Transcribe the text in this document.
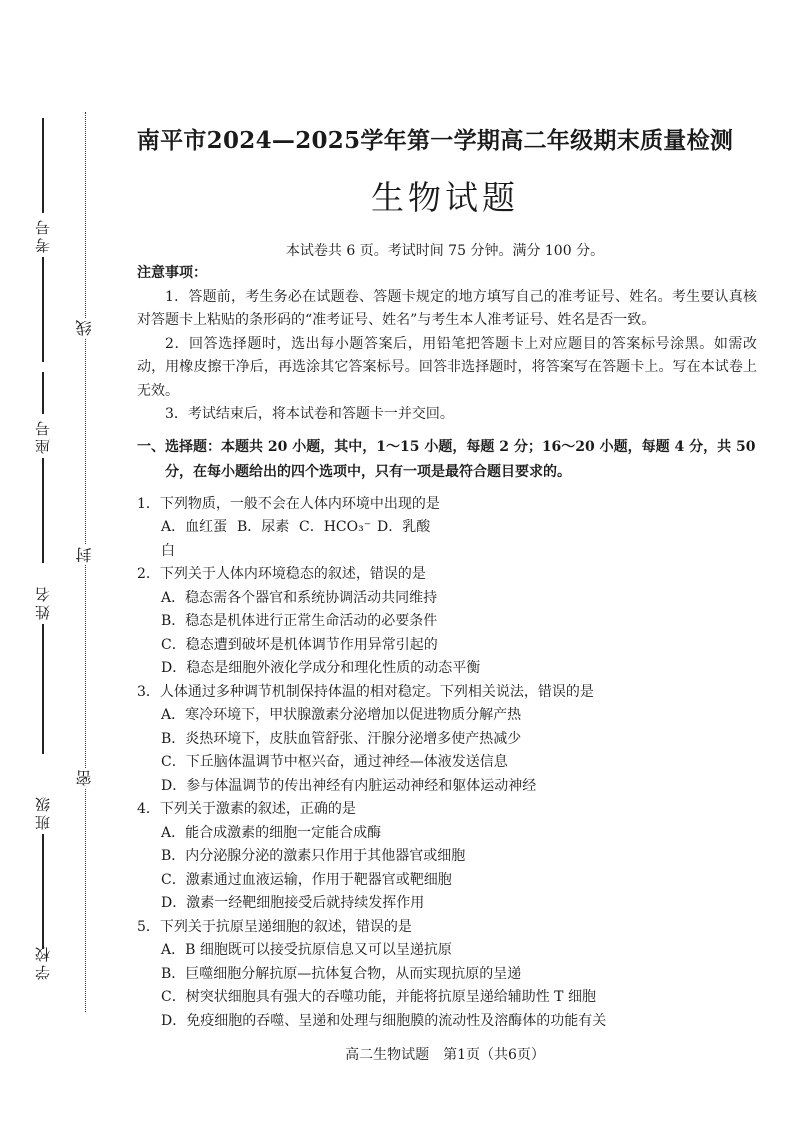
考号
座号
姓名
班级
学校
线
封
密
南平市2024—2025学年第一学期高二年级期末质量检测
生物试题
本试卷共 6 页。考试时间 75 分钟。满分 100 分。
注意事项：
1．答题前，考生务必在试题卷、答题卡规定的地方填写自己的准考证号、姓名。考生要认真核对答题卡上粘贴的条形码的“准考证号、姓名”与考生本人准考证号、姓名是否一致。
2．回答选择题时，选出每小题答案后，用铅笔把答题卡上对应题目的答案标号涂黑。如需改动，用橡皮擦干净后，再选涂其它答案标号。回答非选择题时，将答案写在答题卡上。写在本试卷上无效。
3．考试结束后，将本试卷和答题卡一并交回。
一、选择题：本题共 20 小题，其中，1～15 小题，每题 2 分；16～20 小题，每题 4 分，共 50 分，在每小题给出的四个选项中，只有一项是最符合题目要求的。
1．下列物质，一般不会在人体内环境中出现的是
A．血红蛋白
B．尿素 C．HCO₃⁻ D．乳酸
2．下列关于人体内环境稳态的叙述，错误的是
A．稳态需各个器官和系统协调活动共同维持
B．稳态是机体进行正常生命活动的必要条件
C．稳态遭到破坏是机体调节作用异常引起的
D．稳态是细胞外液化学成分和理化性质的动态平衡
3．人体通过多种调节机制保持体温的相对稳定。下列相关说法，错误的是
A．寒冷环境下，甲状腺激素分泌增加以促进物质分解产热
B．炎热环境下，皮肤血管舒张、汗腺分泌增多使产热减少
C．下丘脑体温调节中枢兴奋，通过神经—体液发送信息
D．参与体温调节的传出神经有内脏运动神经和躯体运动神经
4．下列关于激素的叙述，正确的是
A．能合成激素的细胞一定能合成酶
B．内分泌腺分泌的激素只作用于其他器官或细胞
C．激素通过血液运输，作用于靶器官或靶细胞
D．激素一经靶细胞接受后就持续发挥作用
5．下列关于抗原呈递细胞的叙述，错误的是
A．B 细胞既可以接受抗原信息又可以呈递抗原
B．巨噬细胞分解抗原—抗体复合物，从而实现抗原的呈递
C．树突状细胞具有强大的吞噬功能，并能将抗原呈递给辅助性 T 细胞
D．免疫细胞的吞噬、呈递和处理与细胞膜的流动性及溶酶体的功能有关
高二生物试题　第1页（共6页）
